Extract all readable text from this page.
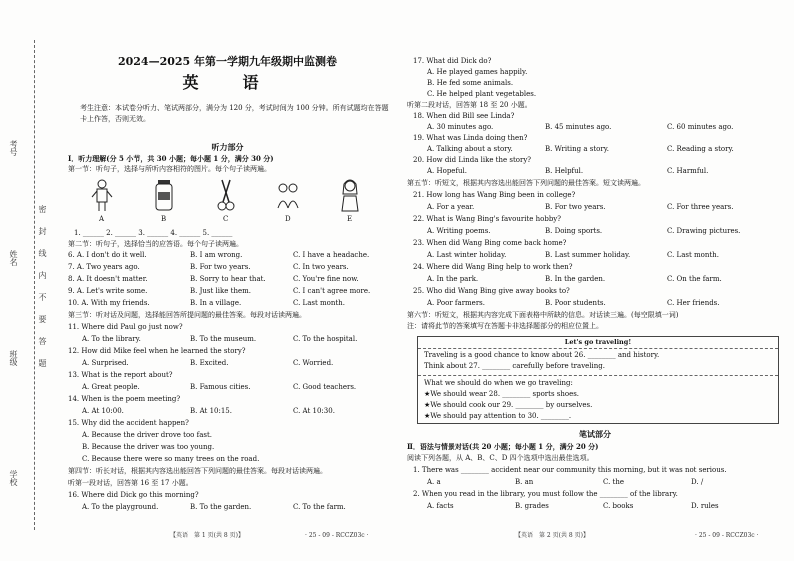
考号
姓名
班级
学校
密封线内不要答题
2024—2025 年第一学期九年级期中监测卷
英　语
考生注意：本试卷分听力、笔试两部分，满分为 120 分，考试时间为 100 分钟。所有试题均在答题卡上作答，否则无效。
听力部分
Ⅰ．听力理解(分 5 小节，共 30 小题；每小题 1 分，满分 30 分)
第一节：听句子，选择与所听内容相符的图片。每个句子读两遍。
A	B	C	D	E
1. ______ 2. ______ 3. ______ 4. ______ 5. ______
第二节：听句子，选择恰当的应答语。每个句子读两遍。
6. A. I don't do it well.	B. I am wrong.	C. I have a headache.
7. A. Two years ago.	B. For two years.	C. In two years.
8. A. It doesn't matter.	B. Sorry to hear that.	C. You're fine now.
9. A. Let's write some.	B. Just like them.	C. I can't agree more.
10. A. With my friends.	B. In a village.	C. Last month.
第三节：听对话及问题，选择能回答所提问题的最佳答案。每段对话读两遍。
11. Where did Paul go just now?
A. To the library.	B. To the museum.	C. To the hospital.
12. How did Mike feel when he learned the story?
A. Surprised.	B. Excited.	C. Worried.
13. What is the report about?
A. Great people.	B. Famous cities.	C. Good teachers.
14. When is the poem meeting?
A. At 10:00.	B. At 10:15.	C. At 10:30.
15. Why did the accident happen?
A. Because the driver drove too fast.
B. Because the driver was too young.
C. Because there were so many trees on the road.
第四节：听长对话，根据其内容选出能回答下列问题的最佳答案。每段对话读两遍。
听第一段对话，回答第 16 至 17 小题。
16. Where did Dick go this morning?
A. To the playground.	B. To the garden.	C. To the farm.
【英语　第 1 页(共 8 页)】	· 25 - 09 - RCCZ03c ·
17. What did Dick do?
A. He played games happily.
B. He fed some animals.
C. He helped plant vegetables.
听第二段对话，回答第 18 至 20 小题。
18. When did Bill see Linda?
A. 30 minutes ago.	B. 45 minutes ago.	C. 60 minutes ago.
19. What was Linda doing then?
A. Talking about a story.	B. Writing a story.	C. Reading a story.
20. How did Linda like the story?
A. Hopeful.	B. Helpful.	C. Harmful.
第五节：听短文，根据其内容选出能回答下列问题的最佳答案。短文读两遍。
21. How long has Wang Bing been in college?
A. For a year.	B. For two years.	C. For three years.
22. What is Wang Bing's favourite hobby?
A. Writing poems.	B. Doing sports.	C. Drawing pictures.
23. When did Wang Bing come back home?
A. Last winter holiday.	B. Last summer holiday.	C. Last month.
24. Where did Wang Bing help to work then?
A. In the park.	B. In the garden.	C. On the farm.
25. Who did Wang Bing give away books to?
A. Poor farmers.	B. Poor students.	C. Her friends.
第六节：听短文，根据其内容完成下面表格中所缺的信息。对话读三遍。(每空限填一词)
注：请将此节的答案填写在答题卡非选择题部分的相应位置上。
Let's go traveling!
Traveling is a good chance to know about 26. ________ and history.
Think about 27. ________ carefully before traveling.
What we should do when we go traveling:
★We should wear 28. ________ sports shoes.
★We should cook our 29. ________ by ourselves.
★We should pay attention to 30. ________.
笔试部分
Ⅱ．语法与情景对话(共 20 小题；每小题 1 分，满分 20 分)
阅读下列各题，从 A、B、C、D 四个选项中选出最佳选项。
1. There was ________ accident near our community this morning, but it was not serious.
A. a	B. an	C. the	D. /
2. When you read in the library, you must follow the ________ of the library.
A. facts	B. grades	C. books	D. rules
【英语　第 2 页(共 8 页)】	· 25 - 09 - RCCZ03c ·
